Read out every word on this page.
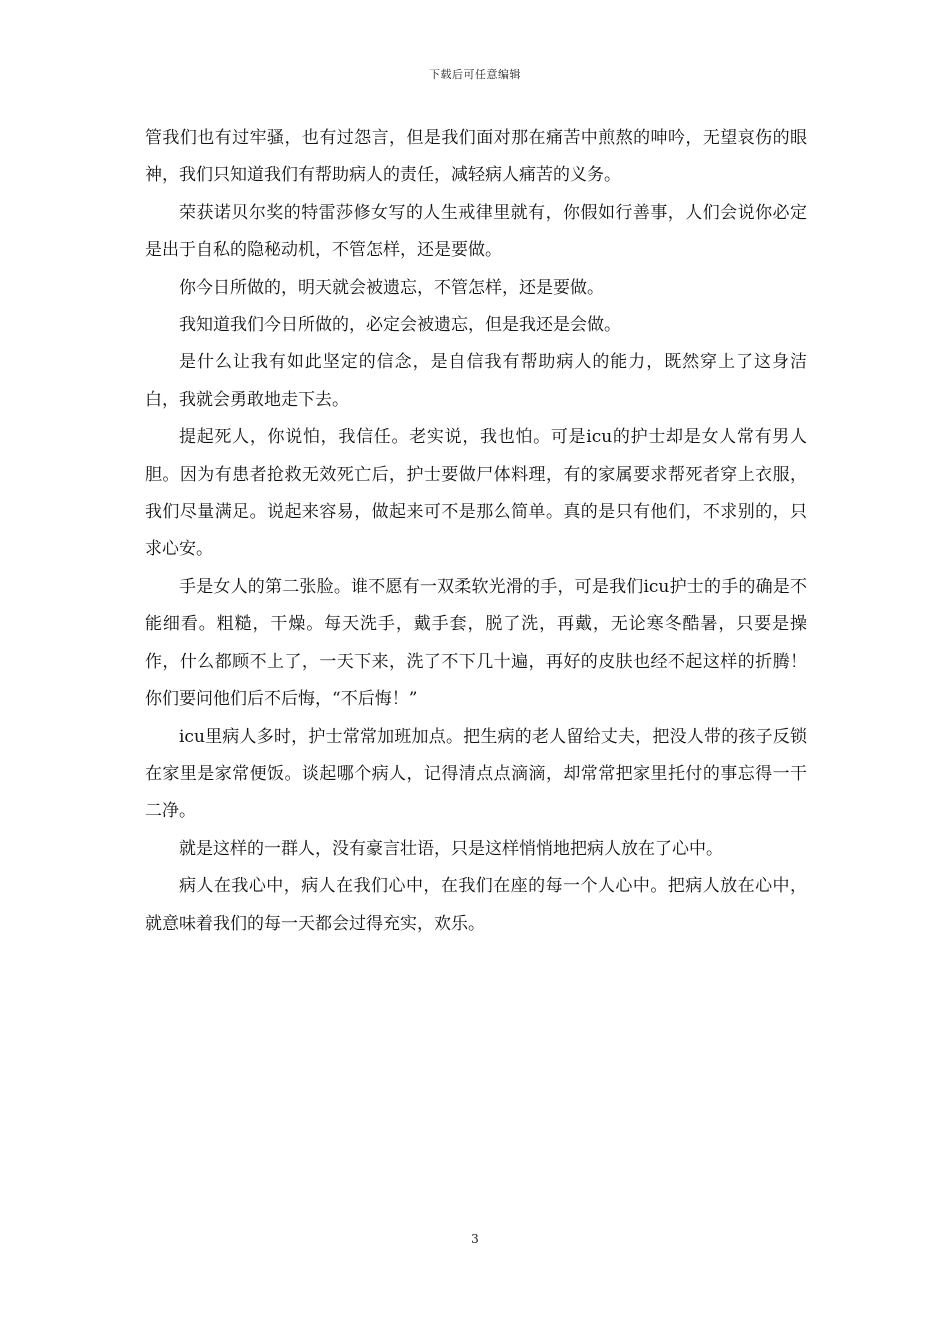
下载后可任意编辑

管我们也有过牢骚，也有过怨言，但是我们面对那在痛苦中煎熬的呻吟，无望哀伤的眼神，我们只知道我们有帮助病人的责任，减轻病人痛苦的义务。

荣获诺贝尔奖的特雷莎修女写的人生戒律里就有，你假如行善事，人们会说你必定是出于自私的隐秘动机，不管怎样，还是要做。

你今日所做的，明天就会被遗忘，不管怎样，还是要做。

我知道我们今日所做的，必定会被遗忘，但是我还是会做。

是什么让我有如此坚定的信念，是自信我有帮助病人的能力，既然穿上了这身洁白，我就会勇敢地走下去。

提起死人，你说怕，我信任。老实说，我也怕。可是icu的护士却是女人常有男人胆。因为有患者抢救无效死亡后，护士要做尸体料理，有的家属要求帮死者穿上衣服，我们尽量满足。说起来容易，做起来可不是那么简单。真的是只有他们，不求别的，只求心安。

手是女人的第二张脸。谁不愿有一双柔软光滑的手，可是我们icu护士的手的确是不能细看。粗糙，干燥。每天洗手，戴手套，脱了洗，再戴，无论寒冬酷暑，只要是操作，什么都顾不上了，一天下来，洗了不下几十遍，再好的皮肤也经不起这样的折腾！你们要问他们后不后悔，“不后悔！”

icu里病人多时，护士常常加班加点。把生病的老人留给丈夫，把没人带的孩子反锁在家里是家常便饭。谈起哪个病人，记得清点点滴滴，却常常把家里托付的事忘得一干二净。

就是这样的一群人，没有豪言壮语，只是这样悄悄地把病人放在了心中。

病人在我心中，病人在我们心中，在我们在座的每一个人心中。把病人放在心中，就意味着我们的每一天都会过得充实，欢乐。

3
